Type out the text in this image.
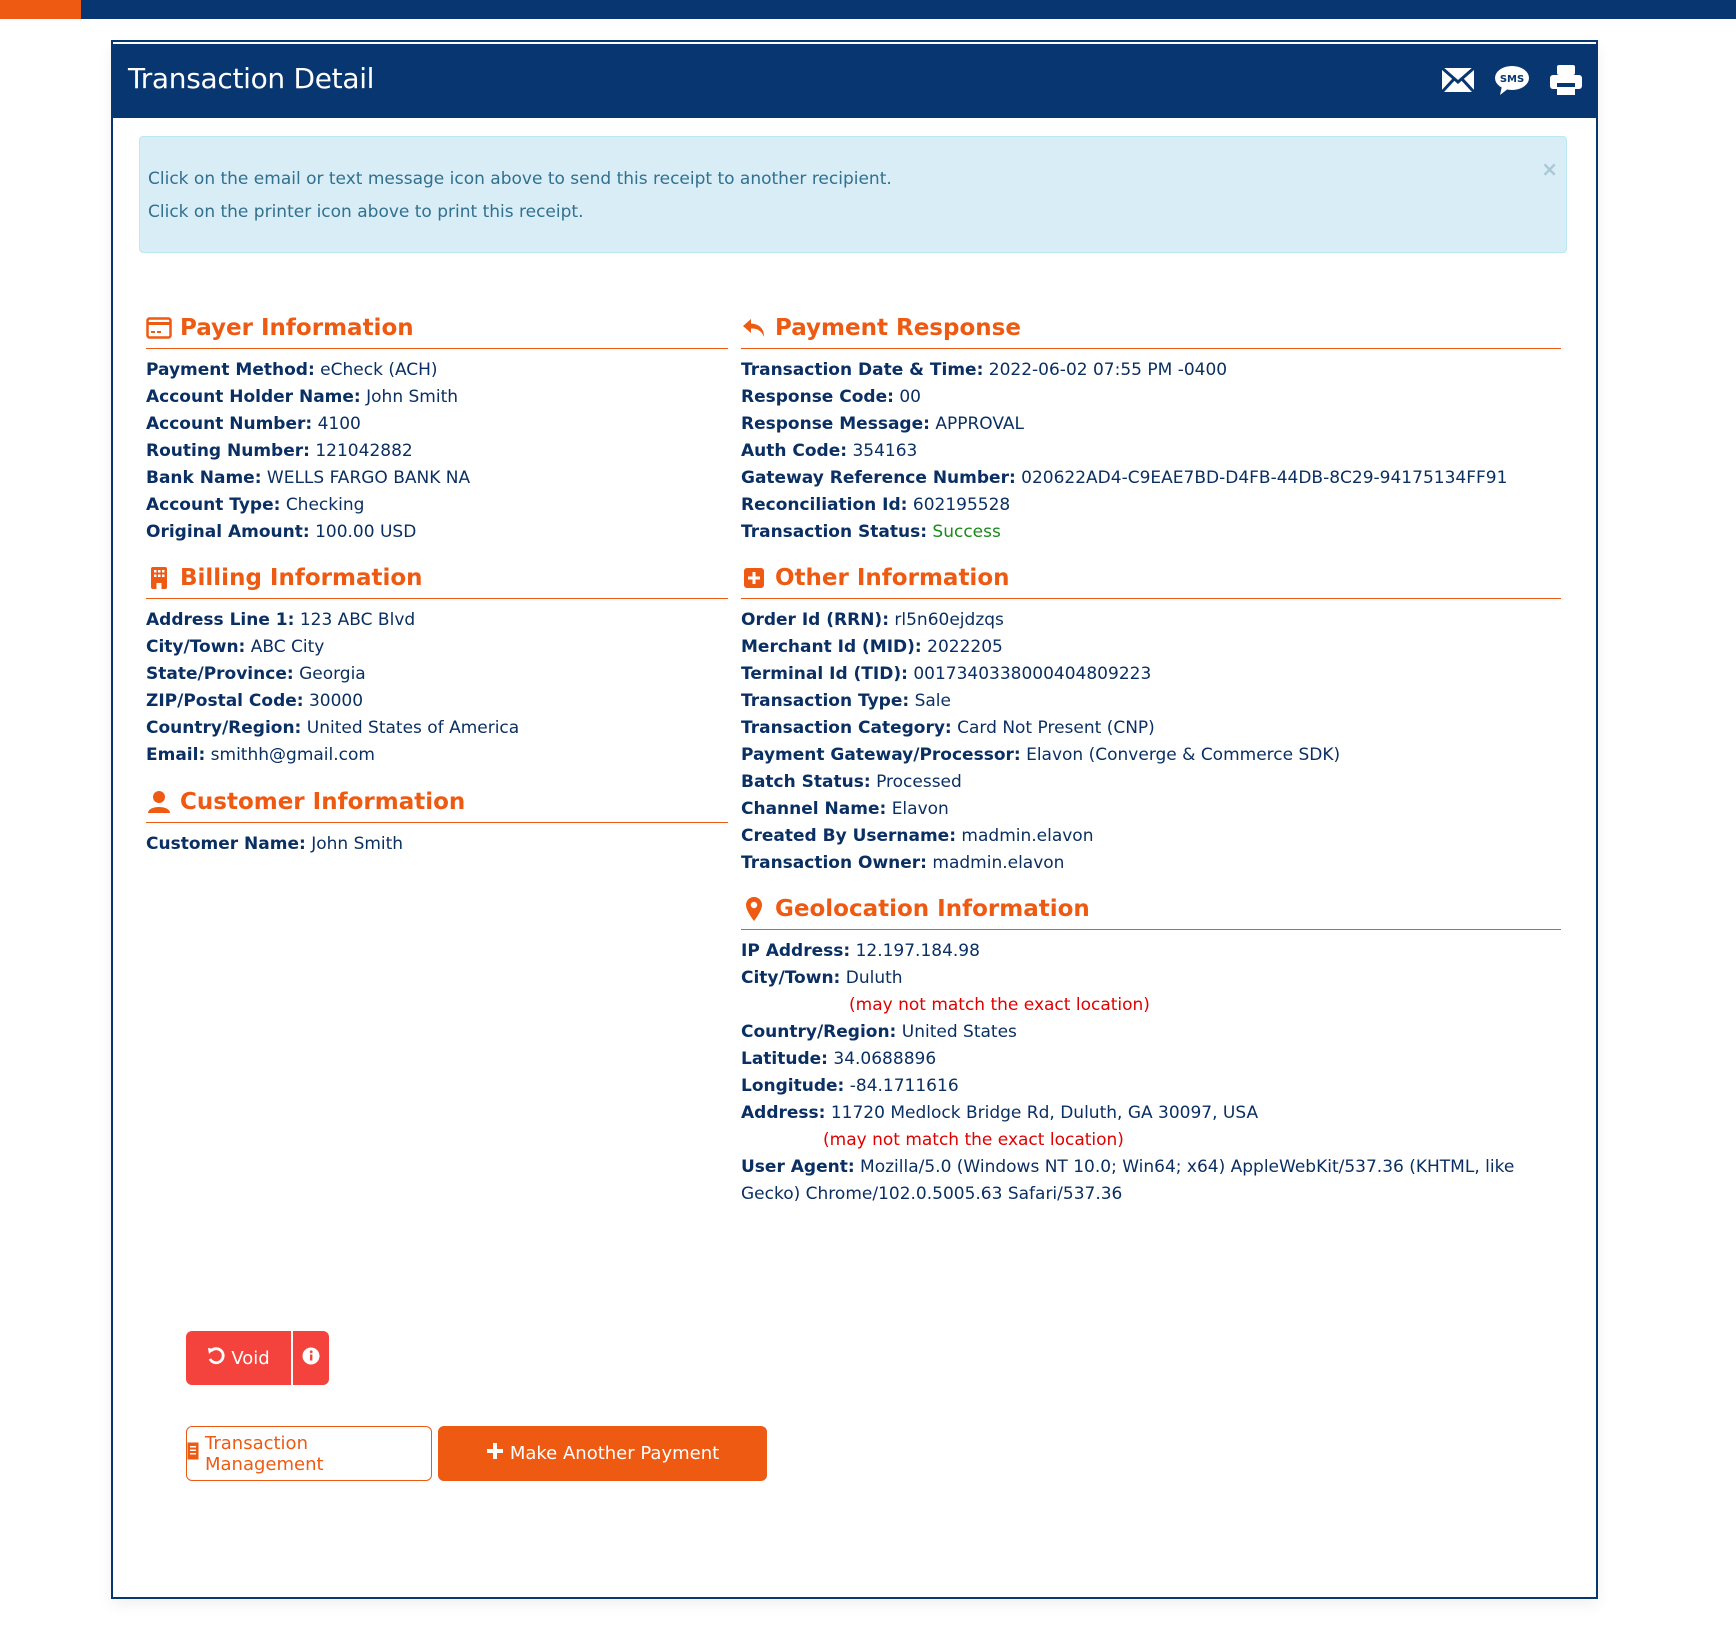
Transaction Detail	SMS
Click on the email or text message icon above to send this receipt to another recipient.
Click on the printer icon above to print this receipt.
×
Payer Information
Payment Method: eCheck (ACH)
Account Holder Name: John Smith
Account Number: 4100
Routing Number: 121042882
Bank Name: WELLS FARGO BANK NA
Account Type: Checking
Original Amount: 100.00 USD
Billing Information
Address Line 1: 123 ABC Blvd
City/Town: ABC City
State/Province: Georgia
ZIP/Postal Code: 30000
Country/Region: United States of America
Email: smithh@gmail.com
Customer Information
Customer Name: John Smith
Payment Response
Transaction Date & Time: 2022-06-02 07:55 PM -0400
Response Code: 00
Response Message: APPROVAL
Auth Code: 354163
Gateway Reference Number: 020622AD4-C9EAE7BD-D4FB-44DB-8C29-94175134FF91
Reconciliation Id: 602195528
Transaction Status: Success
Other Information
Order Id (RRN): rl5n60ejdzqs
Merchant Id (MID): 2022205
Terminal Id (TID): 0017340338000404809223
Transaction Type: Sale
Transaction Category: Card Not Present (CNP)
Payment Gateway/Processor: Elavon (Converge & Commerce SDK)
Batch Status: Processed
Channel Name: Elavon
Created By Username: madmin.elavon
Transaction Owner: madmin.elavon
Geolocation Information
IP Address: 12.197.184.98
City/Town: Duluth
(may not match the exact location)
Country/Region: United States
Latitude: 34.0688896
Longitude: -84.1711616
Address: 11720 Medlock Bridge Rd, Duluth, GA 30097, USA
(may not match the exact location)
User Agent: Mozilla/5.0 (Windows NT 10.0; Win64; x64) AppleWebKit/537.36 (KHTML, like Gecko) Chrome/102.0.5005.63 Safari/537.36
Void
Transaction Management	Make Another Payment
